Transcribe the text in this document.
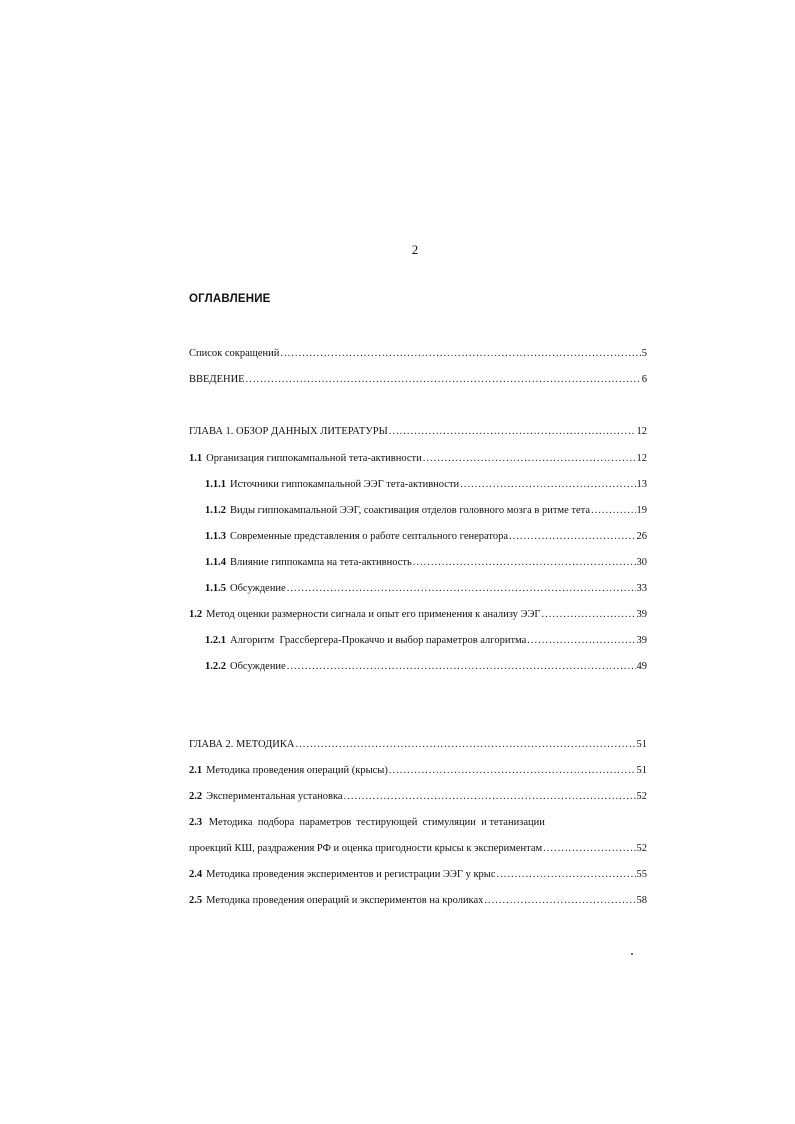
2
ОГЛАВЛЕНИЕ
Список сокращений .....	5
ВВЕДЕНИЕ .....	6
ГЛАВА 1. ОБЗОР ДАННЫХ ЛИТЕРАТУРЫ .....	12
1.1 Организация гиппокампальной тета-активности .....	12
1.1.1 Источники гиппокампальной ЭЭГ тета-активности .....	13
1.1.2 Виды гиппокампальной ЭЭГ, соактивация отделов головного мозга в ритме тета .....	19
1.1.3 Современные представления о работе септального генератора .....	26
1.1.4 Влияние гиппокампа на тета-активность .....	30
1.1.5 Обсуждение .....	33
1.2 Метод оценки размерности сигнала и опыт его применения к анализу ЭЭГ .....	39
1.2.1 Алгоритм  Грассбергера-Прокаччо и выбор параметров алгоритма .....	39
1.2.2 Обсуждение .....	49
ГЛАВА 2. МЕТОДИКА .....	51
2.1 Методика проведения операций (крысы) .....	51
2.2 Экспериментальная установка .....	52
2.3 Методика  подбора  параметров  тестирующей  стимуляции  и тетанизации
проекций КШ, раздражения РФ и оценка пригодности крысы к экспериментам .....	52
2.4 Методика проведения экспериментов и регистрации ЭЭГ у крыс .....	55
2.5 Методика проведения операций и экспериментов на кроликах .....	58
